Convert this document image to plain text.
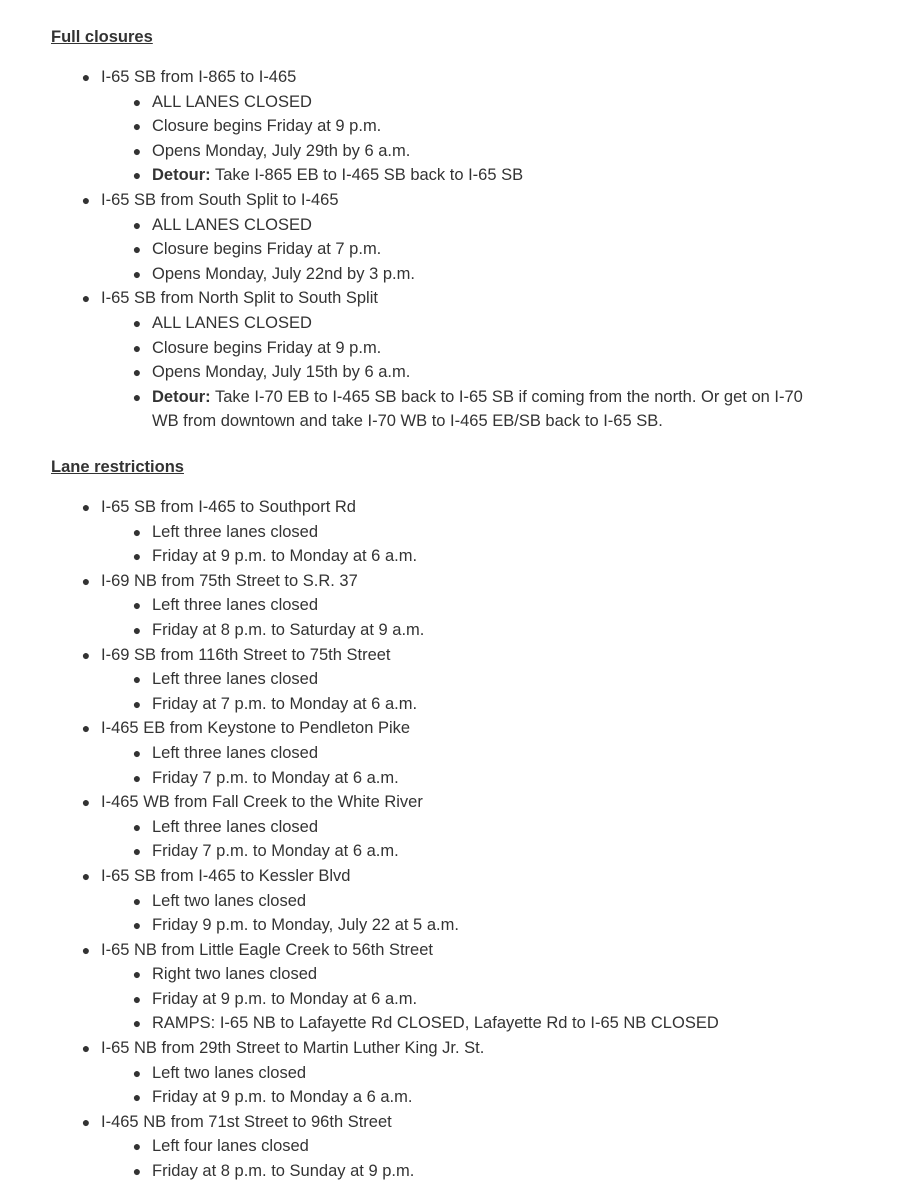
Full closures
● I-65 SB from I-865 to I-465
● ALL LANES CLOSED
● Closure begins Friday at 9 p.m.
● Opens Monday, July 29th by 6 a.m.
● Detour: Take I-865 EB to I-465 SB back to I-65 SB
● I-65 SB from South Split to I-465
● ALL LANES CLOSED
● Closure begins Friday at 7 p.m.
● Opens Monday, July 22nd by 3 p.m.
● I-65 SB from North Split to South Split
● ALL LANES CLOSED
● Closure begins Friday at 9 p.m.
● Opens Monday, July 15th by 6 a.m.
● Detour: Take I-70 EB to I-465 SB back to I-65 SB if coming from the north. Or get on I-70 WB from downtown and take I-70 WB to I-465 EB/SB back to I-65 SB.
Lane restrictions
● I-65 SB from I-465 to Southport Rd
● Left three lanes closed
● Friday at 9 p.m. to Monday at 6 a.m.
● I-69 NB from 75th Street to S.R. 37
● Left three lanes closed
● Friday at 8 p.m. to Saturday at 9 a.m.
● I-69 SB from 116th Street to 75th Street
● Left three lanes closed
● Friday at 7 p.m. to Monday at 6 a.m.
● I-465 EB from Keystone to Pendleton Pike
● Left three lanes closed
● Friday 7 p.m. to Monday at 6 a.m.
● I-465 WB from Fall Creek to the White River
● Left three lanes closed
● Friday 7 p.m. to Monday at 6 a.m.
● I-65 SB from I-465 to Kessler Blvd
● Left two lanes closed
● Friday 9 p.m. to Monday, July 22 at 5 a.m.
● I-65 NB from Little Eagle Creek to 56th Street
● Right two lanes closed
● Friday at 9 p.m. to Monday at 6 a.m.
● RAMPS: I-65 NB to Lafayette Rd CLOSED, Lafayette Rd to I-65 NB CLOSED
● I-65 NB from 29th Street to Martin Luther King Jr. St.
● Left two lanes closed
● Friday at 9 p.m. to Monday a 6 a.m.
● I-465 NB from 71st Street to 96th Street
● Left four lanes closed
● Friday at 8 p.m. to Sunday at 9 p.m.
